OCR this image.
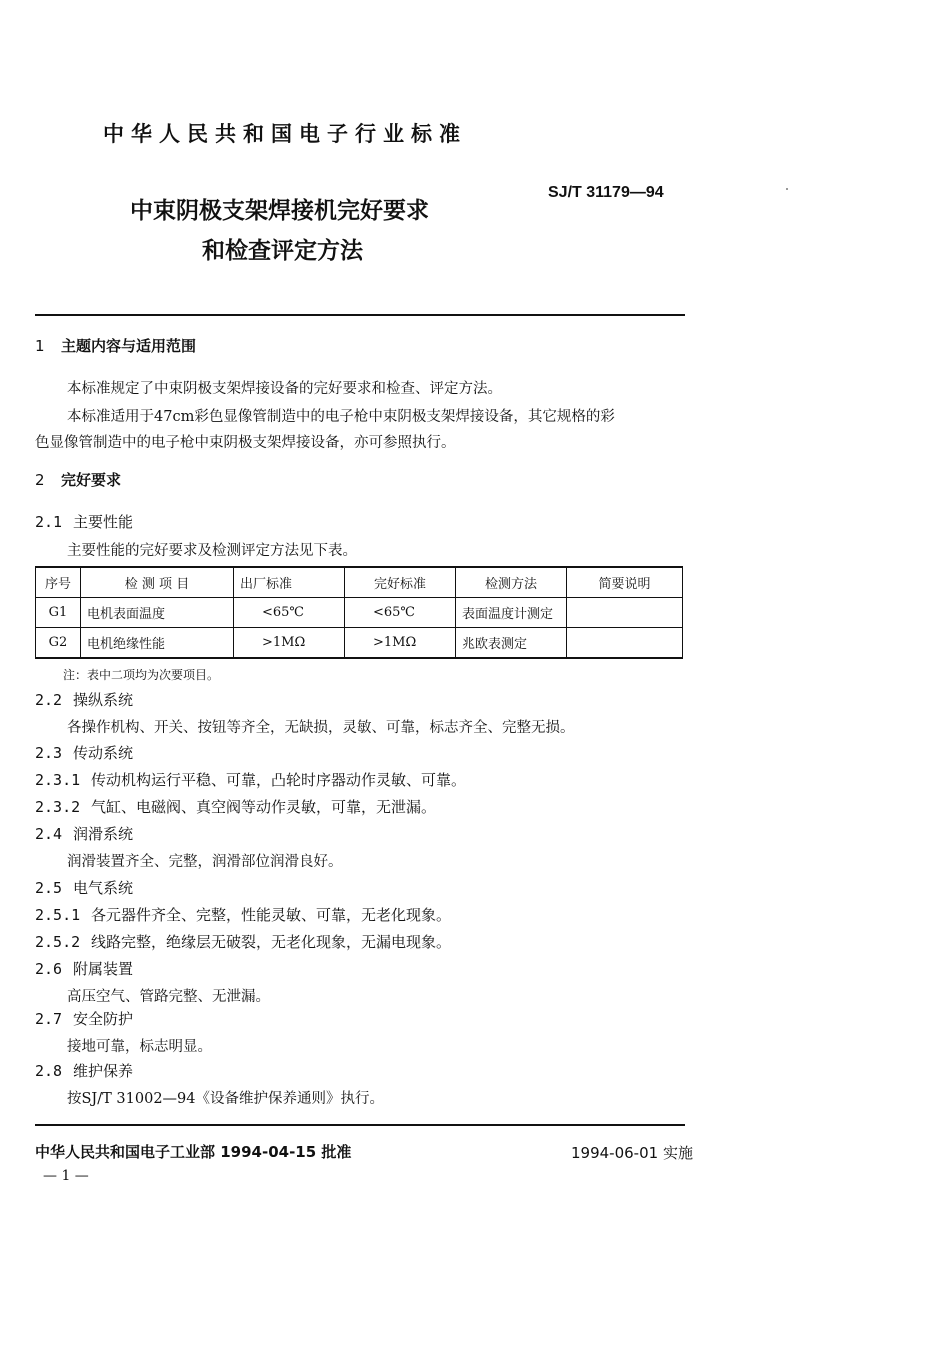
中华人民共和国电子行业标准
SJ/T 31179—94
中束阴极支架焊接机完好要求
和检查评定方法
1 主题内容与适用范围
本标准规定了中束阴极支架焊接设备的完好要求和检查、评定方法。
本标准适用于47cm彩色显像管制造中的电子枪中束阴极支架焊接设备，其它规格的彩
色显像管制造中的电子枪中束阴极支架焊接设备，亦可参照执行。
2 完好要求
2.1 主要性能
主要性能的完好要求及检测评定方法见下表。
序号	检 测 项 目	出厂标准	完好标准	检测方法	简要说明
G1	电机表面温度	<65℃	<65℃	表面温度计测定	
G2	电机绝缘性能	>1MΩ	>1MΩ	兆欧表测定	
注：表中二项均为次要项目。
2.2 操纵系统
各操作机构、开关、按钮等齐全，无缺损，灵敏、可靠，标志齐全、完整无损。
2.3 传动系统
2.3.1 传动机构运行平稳、可靠，凸轮时序器动作灵敏、可靠。
2.3.2 气缸、电磁阀、真空阀等动作灵敏，可靠，无泄漏。
2.4 润滑系统
润滑装置齐全、完整，润滑部位润滑良好。
2.5 电气系统
2.5.1 各元器件齐全、完整，性能灵敏、可靠，无老化现象。
2.5.2 线路完整，绝缘层无破裂，无老化现象，无漏电现象。
2.6 附属装置
高压空气、管路完整、无泄漏。
2.7 安全防护
接地可靠，标志明显。
2.8 维护保养
按SJ/T 31002—94《设备维护保养通则》执行。
中华人民共和国电子工业部 1994-04-15 批准	1994-06-01 实施
— 1 —
